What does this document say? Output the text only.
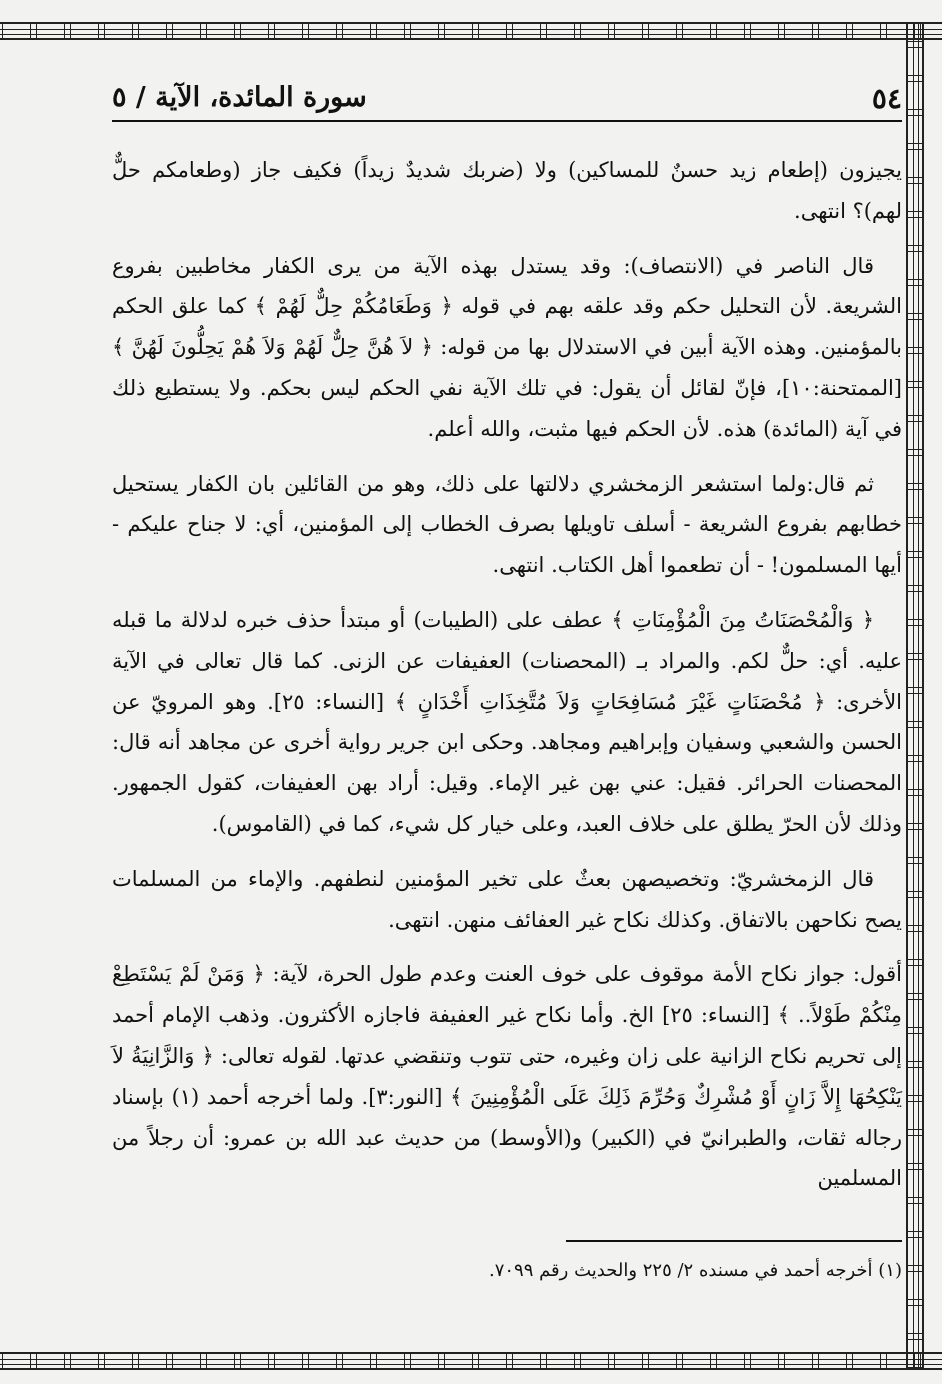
٥٤
سورة المائدة، الآية / ٥

يجيزون (إطعام زيد حسنٌ للمساكين) ولا (ضربك شديدٌ زيداً) فكيف جاز (وطعامكم حلٌّ لهم)؟ انتهى.

قال الناصر في (الانتصاف): وقد يستدل بهذه الآية من يرى الكفار مخاطبين بفروع الشريعة. لأن التحليل حكم وقد علقه بهم في قوله ﴿ وَطَعَامُكُمْ حِلٌّ لَهُمْ ﴾ كما علق الحكم بالمؤمنين. وهذه الآية أبين في الاستدلال بها من قوله: ﴿ لاَ هُنَّ حِلٌّ لَهُمْ وَلاَ هُمْ يَحِلُّونَ لَهُنَّ ﴾ [الممتحنة:١٠]، فإنّ لقائل أن يقول: في تلك الآية نفي الحكم ليس بحكم. ولا يستطيع ذلك في آية (المائدة) هذه. لأن الحكم فيها مثبت، والله أعلم.

ثم قال:ولما استشعر الزمخشري دلالتها على ذلك، وهو من القائلين بان الكفار يستحيل خطابهم بفروع الشريعة - أسلف تاويلها بصرف الخطاب إلى المؤمنين، أي: لا جناح عليكم - أيها المسلمون! - أن تطعموا أهل الكتاب. انتهى.

﴿ وَالْمُحْصَنَاتُ مِنَ الْمُؤْمِنَاتِ ﴾ عطف على (الطيبات) أو مبتدأ حذف خبره لدلالة ما قبله عليه. أي: حلٌّ لكم. والمراد بـ (المحصنات) العفيفات عن الزنى. كما قال تعالى في الآية الأخرى: ﴿ مُحْصَنَاتٍ غَيْرَ مُسَافِحَاتٍ وَلاَ مُتَّخِذَاتِ أَخْدَانٍ ﴾ [النساء: ٢٥]. وهو المرويّ عن الحسن والشعبي وسفيان وإبراهيم ومجاهد. وحكى ابن جرير رواية أخرى عن مجاهد أنه قال: المحصنات الحرائر. فقيل: عني بهن غير الإماء. وقيل: أراد بهن العفيفات، كقول الجمهور. وذلك لأن الحرّ يطلق على خلاف العبد، وعلى خيار كل شيء، كما في (القاموس).

قال الزمخشريّ: وتخصيصهن بعثٌ على تخير المؤمنين لنطفهم. والإماء من المسلمات يصح نكاحهن بالاتفاق. وكذلك نكاح غير العفائف منهن. انتهى.

أقول: جواز نكاح الأمة موقوف على خوف العنت وعدم طول الحرة، لآية: ﴿ وَمَنْ لَمْ يَسْتَطِعْ مِنْكُمْ طَوْلاً.. ﴾ [النساء: ٢٥] الخ. وأما نكاح غير العفيفة فاجازه الأكثرون. وذهب الإمام أحمد إلى تحريم نكاح الزانية على زان وغيره، حتى تتوب وتنقضي عدتها. لقوله تعالى: ﴿ وَالزَّانِيَةُ لاَ يَنْكِحُهَا إِلاَّ زَانٍ أَوْ مُشْرِكٌ وَحُرِّمَ ذَلِكَ عَلَى الْمُؤْمِنِينَ ﴾ [النور:٣]. ولما أخرجه أحمد (١) بإسناد رجاله ثقات، والطبرانيّ في (الكبير) و(الأوسط) من حديث عبد الله بن عمرو: أن رجلاً من المسلمين

(١) أخرجه أحمد في مسنده ٢/ ٢٢٥ والحديث رقم ٧٠٩٩.
